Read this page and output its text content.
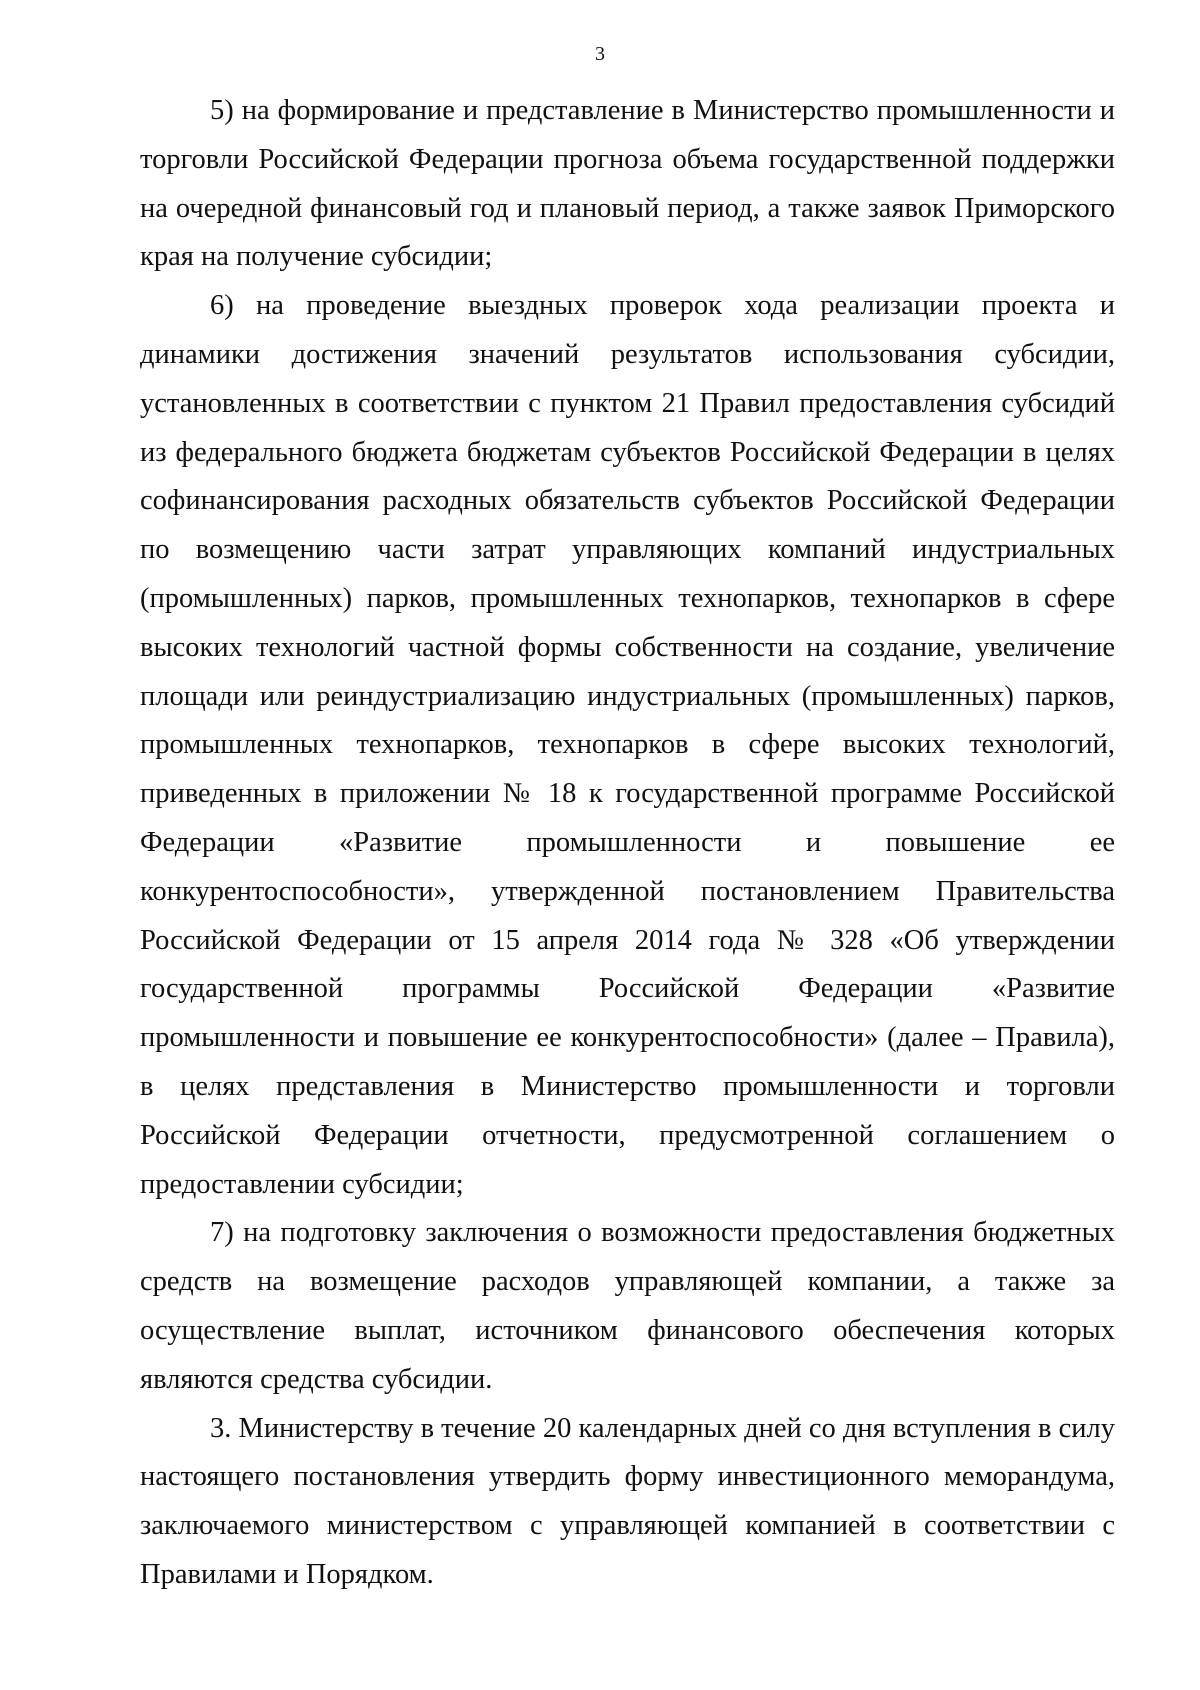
3

5) на формирование и представление в Министерство промышленности и торговли Российской Федерации прогноза объема государственной поддержки на очередной финансовый год и плановый период, а также заявок Приморского края на получение субсидии;

6) на проведение выездных проверок хода реализации проекта и динамики достижения значений результатов использования субсидии, установленных в соответствии с пунктом 21 Правил предоставления субсидий из федерального бюджета бюджетам субъектов Российской Федерации в целях софинансирования расходных обязательств субъектов Российской Федерации по возмещению части затрат управляющих компаний индустриальных (промышленных) парков, промышленных технопарков, технопарков в сфере высоких технологий частной формы собственности на создание, увеличение площади или реиндустриализацию индустриальных (промышленных) парков, промышленных технопарков, технопарков в сфере высоких технологий, приведенных в приложении № 18 к государственной программе Российской Федерации «Развитие промышленности и повышение ее конкурентоспособности», утвержденной постановлением Правительства Российской Федерации от 15 апреля 2014 года № 328 «Об утверждении государственной программы Российской Федерации «Развитие промышленности и повышение ее конкурентоспособности» (далее – Правила), в целях представления в Министерство промышленности и торговли Российской Федерации отчетности, предусмотренной соглашением о предоставлении субсидии;

7) на подготовку заключения о возможности предоставления бюджетных средств на возмещение расходов управляющей компании, а также за осуществление выплат, источником финансового обеспечения которых являются средства субсидии.

3. Министерству в течение 20 календарных дней со дня вступления в силу настоящего постановления утвердить форму инвестиционного меморандума, заключаемого министерством с управляющей компанией в соответствии с Правилами и Порядком.
